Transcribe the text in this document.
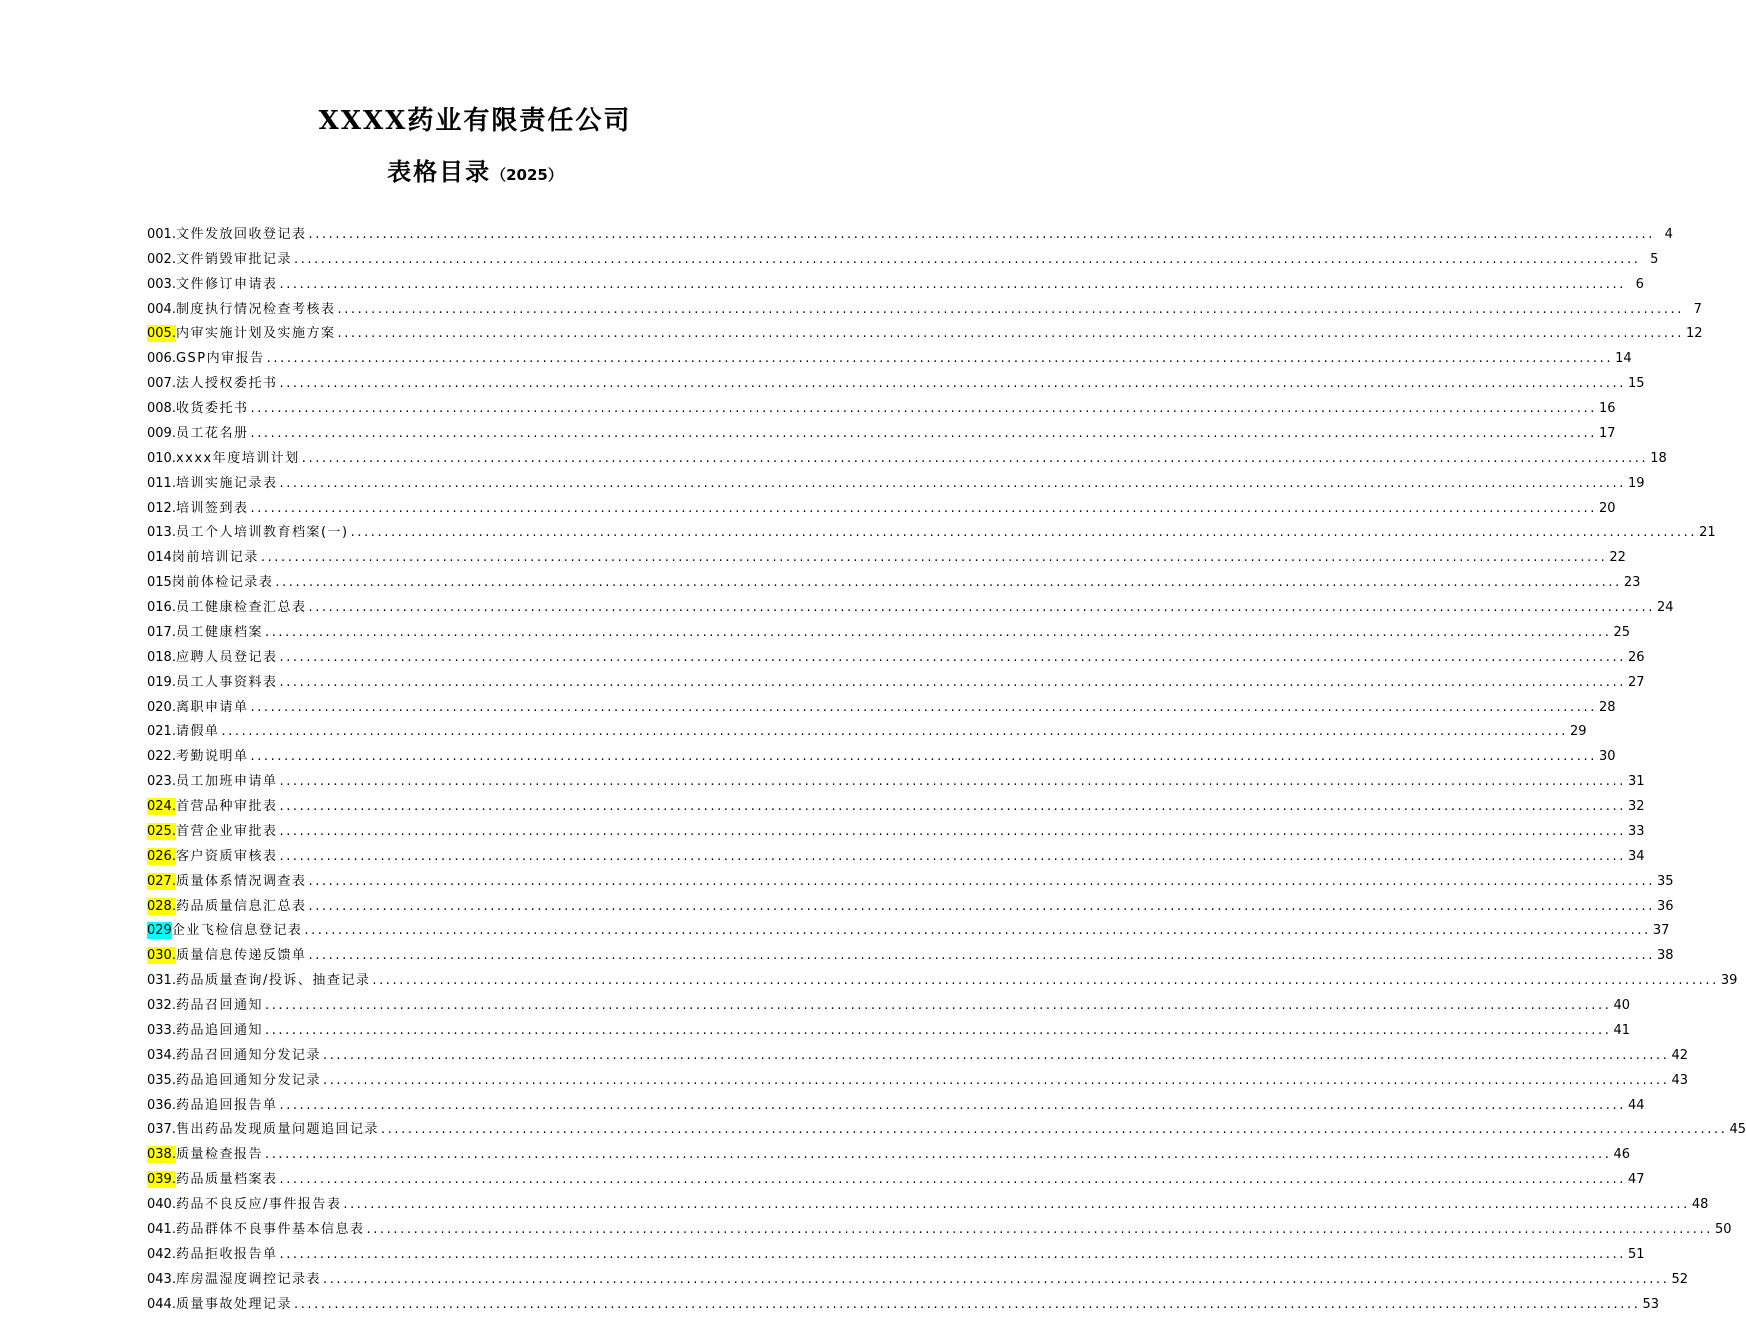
XXXX药业有限责任公司
表格目录（2025）
001. 文件发放回收登记表 ........................................................................................................................................................................................................ 4
002. 文件销毁审批记录 ........................................................................................................................................................................................................ 5
003. 文件修订申请表 ........................................................................................................................................................................................................ 6
004. 制度执行情况检查考核表 ........................................................................................................................................................................................................ 7
005. 内审实施计划及实施方案 ........................................................................................................................................................................................................ 12
006. GSP内审报告 ........................................................................................................................................................................................................ 14
007. 法人授权委托书 ........................................................................................................................................................................................................ 15
008. 收货委托书 ........................................................................................................................................................................................................ 16
009. 员工花名册 ........................................................................................................................................................................................................ 17
010. xxxx年度培训计划 ........................................................................................................................................................................................................ 18
011. 培训实施记录表 ........................................................................................................................................................................................................ 19
012. 培训签到表 ........................................................................................................................................................................................................ 20
013. 员工个人培训教育档案(一) ........................................................................................................................................................................................................ 21
014 岗前培训记录 ........................................................................................................................................................................................................ 22
015 岗前体检记录表 ........................................................................................................................................................................................................ 23
016. 员工健康检查汇总表 ........................................................................................................................................................................................................ 24
017. 员工健康档案 ........................................................................................................................................................................................................ 25
018. 应聘人员登记表 ........................................................................................................................................................................................................ 26
019. 员工人事资料表 ........................................................................................................................................................................................................ 27
020. 离职申请单 ........................................................................................................................................................................................................ 28
021. 请假单 ........................................................................................................................................................................................................ 29
022. 考勤说明单 ........................................................................................................................................................................................................ 30
023. 员工加班申请单 ........................................................................................................................................................................................................ 31
024. 首营品种审批表 ........................................................................................................................................................................................................ 32
025. 首营企业审批表 ........................................................................................................................................................................................................ 33
026. 客户资质审核表 ........................................................................................................................................................................................................ 34
027. 质量体系情况调查表 ........................................................................................................................................................................................................ 35
028. 药品质量信息汇总表 ........................................................................................................................................................................................................ 36
029 企业飞检信息登记表 ........................................................................................................................................................................................................ 37
030. 质量信息传递反馈单 ........................................................................................................................................................................................................ 38
031. 药品质量查询/投诉、抽查记录 ........................................................................................................................................................................................................ 39
032. 药品召回通知 ........................................................................................................................................................................................................ 40
033. 药品追回通知 ........................................................................................................................................................................................................ 41
034. 药品召回通知分发记录 ........................................................................................................................................................................................................ 42
035. 药品追回通知分发记录 ........................................................................................................................................................................................................ 43
036. 药品追回报告单 ........................................................................................................................................................................................................ 44
037. 售出药品发现质量问题追回记录 ........................................................................................................................................................................................................ 45
038. 质量检查报告 ........................................................................................................................................................................................................ 46
039. 药品质量档案表 ........................................................................................................................................................................................................ 47
040. 药品不良反应/事件报告表 ........................................................................................................................................................................................................ 48
041. 药品群体不良事件基本信息表 ........................................................................................................................................................................................................ 50
042. 药品拒收报告单 ........................................................................................................................................................................................................ 51
043. 库房温湿度调控记录表 ........................................................................................................................................................................................................ 52
044. 质量事故处理记录 ........................................................................................................................................................................................................ 53
